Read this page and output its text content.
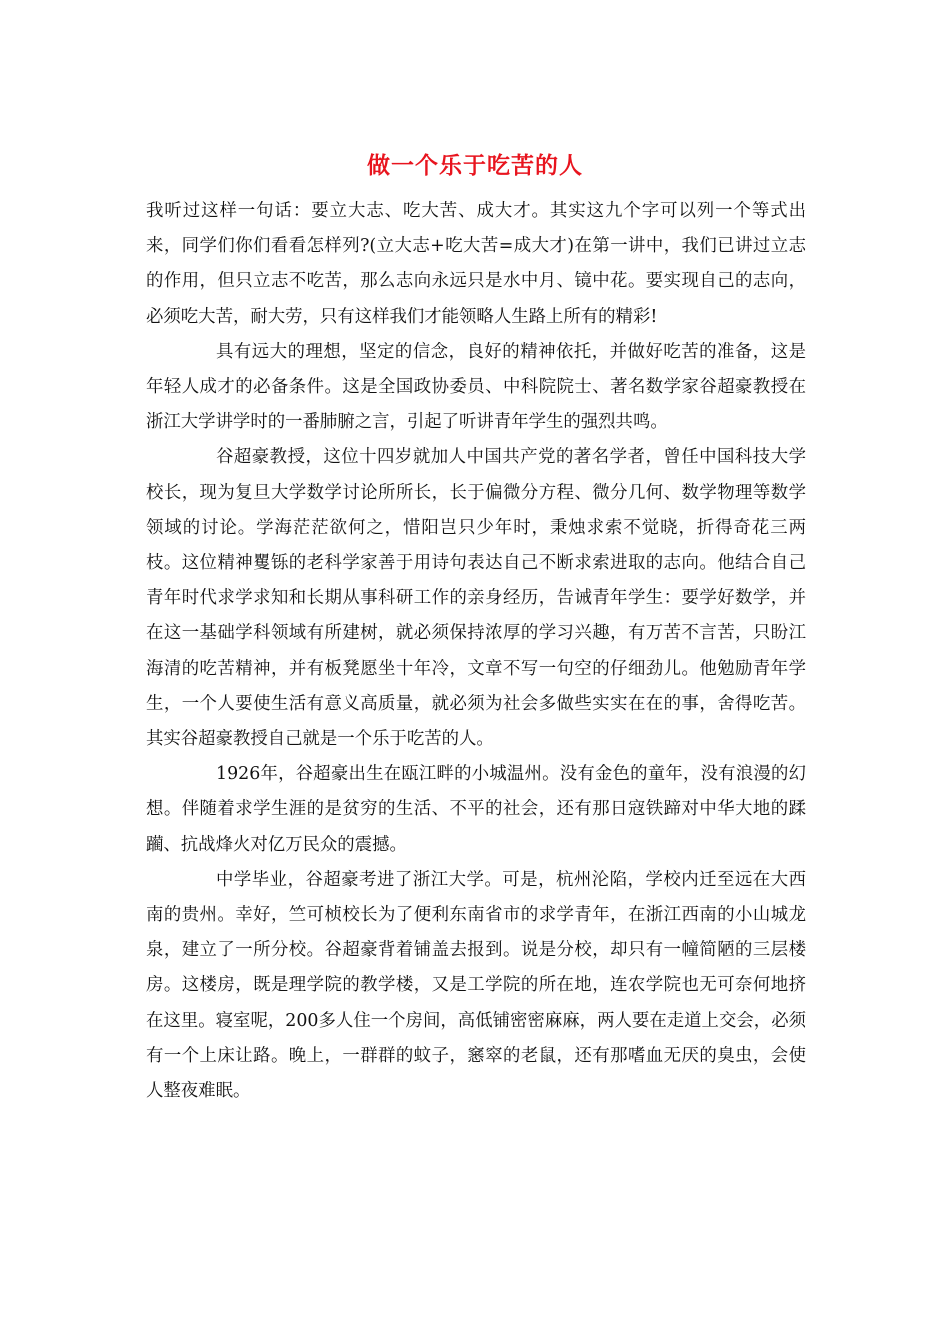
做一个乐于吃苦的人

我听过这样一句话：要立大志、吃大苦、成大才。其实这九个字可以列一个等式出来，同学们你们看看怎样列?(立大志+吃大苦=成大才)在第一讲中，我们已讲过立志的作用，但只立志不吃苦，那么志向永远只是水中月、镜中花。要实现自己的志向，必须吃大苦，耐大劳，只有这样我们才能领略人生路上所有的精彩!

具有远大的理想，坚定的信念，良好的精神依托，并做好吃苦的准备，这是年轻人成才的必备条件。这是全国政协委员、中科院院士、著名数学家谷超豪教授在浙江大学讲学时的一番肺腑之言，引起了听讲青年学生的强烈共鸣。

谷超豪教授，这位十四岁就加人中国共产党的著名学者，曾任中国科技大学校长，现为复旦大学数学讨论所所长，长于偏微分方程、微分几何、数学物理等数学领域的讨论。学海茫茫欲何之，惜阳岂只少年时，秉烛求索不觉晓，折得奇花三两枝。这位精神矍铄的老科学家善于用诗句表达自己不断求索进取的志向。他结合自己青年时代求学求知和长期从事科研工作的亲身经历，告诫青年学生：要学好数学，并在这一基础学科领域有所建树，就必须保持浓厚的学习兴趣，有万苦不言苦，只盼江海清的吃苦精神，并有板凳愿坐十年冷，文章不写一句空的仔细劲儿。他勉励青年学生，一个人要使生活有意义高质量，就必须为社会多做些实实在在的事，舍得吃苦。其实谷超豪教授自己就是一个乐于吃苦的人。

1926年，谷超豪出生在瓯江畔的小城温州。没有金色的童年，没有浪漫的幻想。伴随着求学生涯的是贫穷的生活、不平的社会，还有那日寇铁蹄对中华大地的蹂躏、抗战烽火对亿万民众的震撼。

中学毕业，谷超豪考进了浙江大学。可是，杭州沦陷，学校内迁至远在大西南的贵州。幸好，竺可桢校长为了便利东南省市的求学青年，在浙江西南的小山城龙泉，建立了一所分校。谷超豪背着铺盖去报到。说是分校，却只有一幢简陋的三层楼房。这楼房，既是理学院的教学楼，又是工学院的所在地，连农学院也无可奈何地挤在这里。寝室呢，200多人住一个房间，高低铺密密麻麻，两人要在走道上交会，必须有一个上床让路。晚上，一群群的蚊子，窸窣的老鼠，还有那嗜血无厌的臭虫，会使人整夜难眠。
